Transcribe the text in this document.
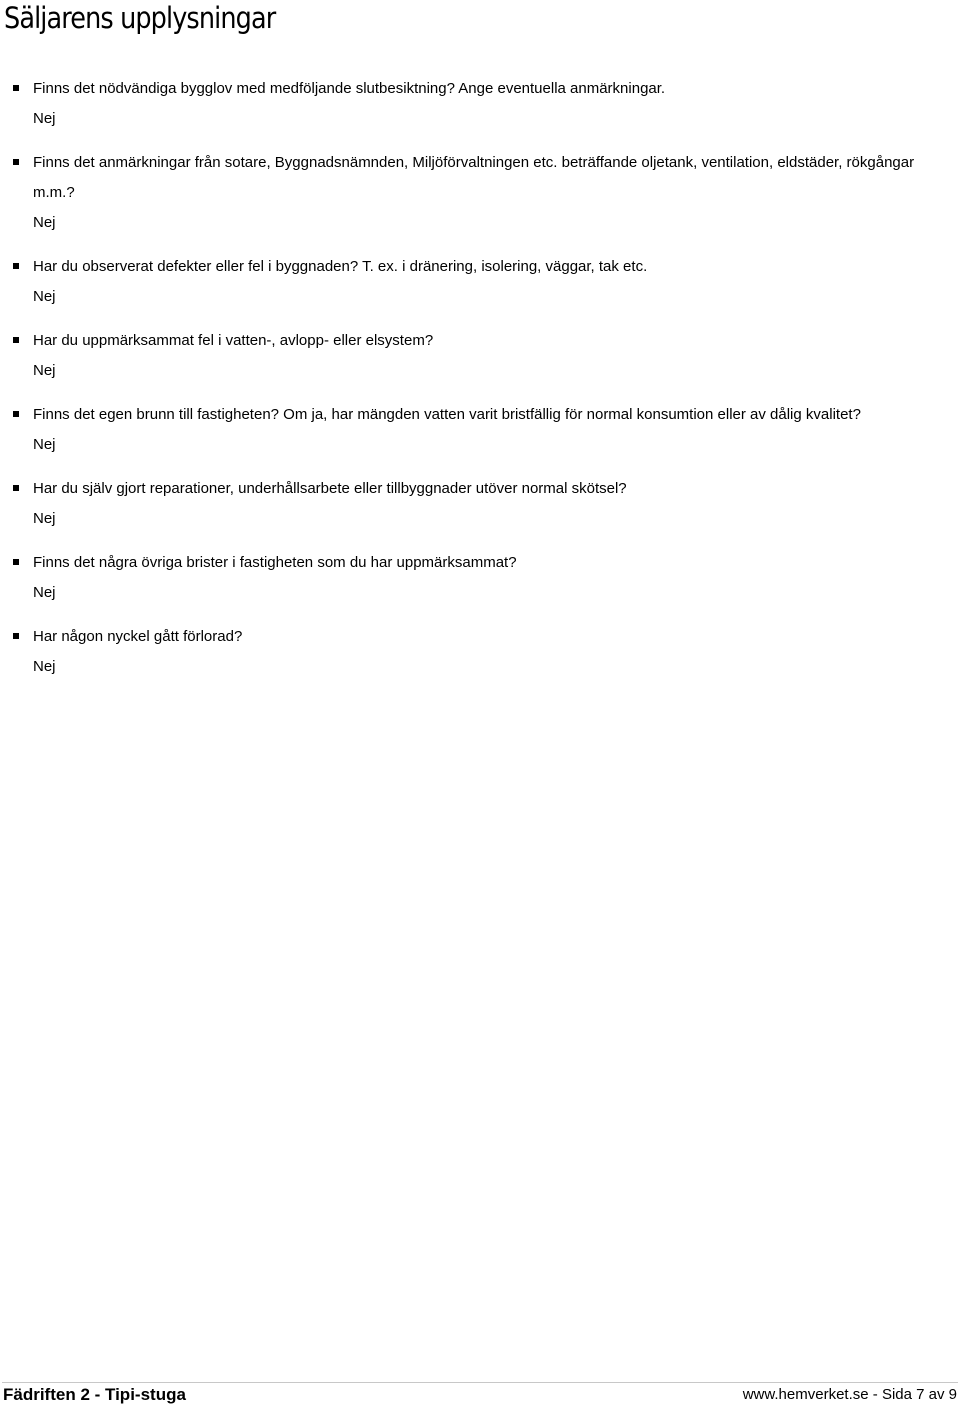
Säljarens upplysningar
Finns det nödvändiga bygglov med medföljande slutbesiktning? Ange eventuella anmärkningar.
Nej
Finns det anmärkningar från sotare, Byggnadsnämnden, Miljöförvaltningen etc. beträffande oljetank, ventilation, eldstäder, rökgångar m.m.?
Nej
Har du observerat defekter eller fel i byggnaden? T. ex. i dränering, isolering, väggar, tak etc.
Nej
Har du uppmärksammat fel i vatten-, avlopp- eller elsystem?
Nej
Finns det egen brunn till fastigheten? Om ja, har mängden vatten varit bristfällig för normal konsumtion eller av dålig kvalitet?
Nej
Har du själv gjort reparationer, underhållsarbete eller tillbyggnader utöver normal skötsel?
Nej
Finns det några övriga brister i fastigheten som du har uppmärksammat?
Nej
Har någon nyckel gått förlorad?
Nej
Fädriften 2 - Tipi-stuga	www.hemverket.se - Sida 7 av 9
